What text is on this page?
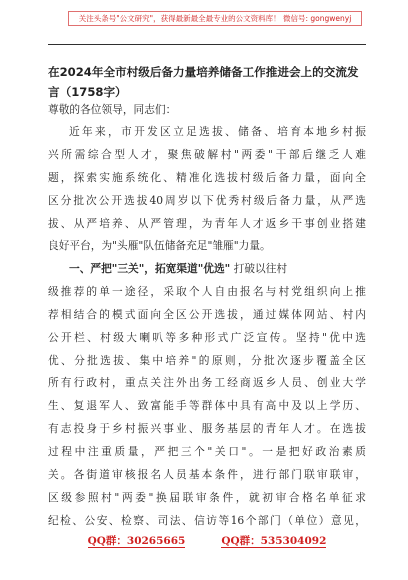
关注头条号"公文研究"，获得最新最全最专业的公文资料库！ 微信号: gongwenyj
在2024年全市村级后备力量培养储备工作推进会上的交流发言（1758字）

尊敬的各位领导，同志们：

近年来，市开发区立足选拔、储备、培育本地乡村振
兴所需综合型人才，聚焦破解村"两委"干部后继乏人难
题，探索实施系统化、精准化选拔村级后备力量，面向全
区分批次公开选拔40周岁以下优秀村级后备力量，从严选
拔、从严培养、从严管理，为青年人才返乡干事创业搭建
良好平台，为"头雁"队伍储备充足"雏雁"力量。
一、严把"三关"，拓宽渠道"优选" 打破以往村
级推荐的单一途径，采取个人自由报名与村党组织向上推
荐相结合的模式面向全区公开选拔，通过媒体网站、村内
公开栏、村级大喇叭等多种形式广泛宣传。坚持"优中选
优、分批选拔、集中培养"的原则，分批次逐步覆盖全区
所有行政村，重点关注外出务工经商返乡人员、创业大学
生、复退军人、致富能手等群体中具有高中及以上学历、
有志投身于乡村振兴事业、服务基层的青年人才。在选拔
过程中注重质量，严把三个"关口"。一是把好政治素质
关。各街道审核报名人员基本条件，进行部门联审联审，
区级参照村"两委"换届联审条件，就初审合格名单征求
纪检、公安、检察、司法、信访等16个部门（单位）意见，
QQ群：30265665	QQ群：535304092
